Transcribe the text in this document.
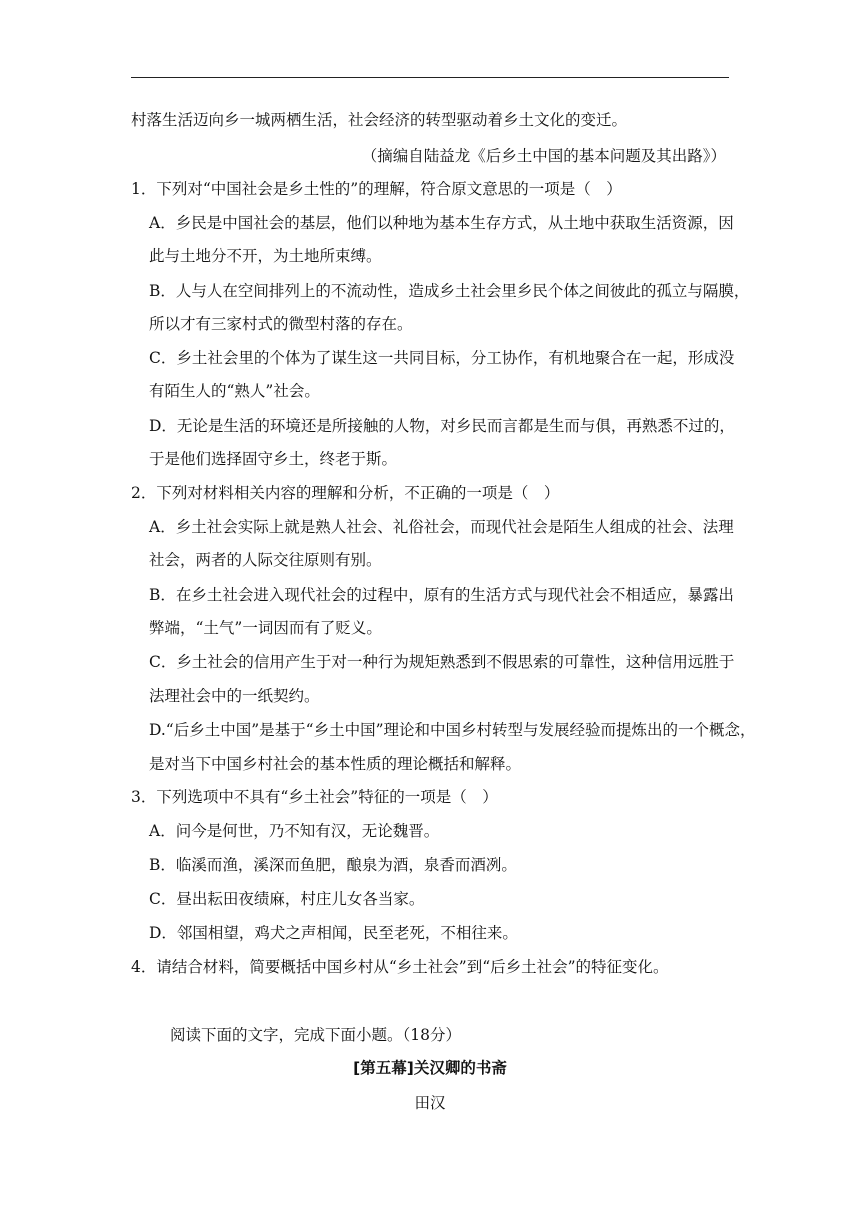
村落生活迈向乡一城两栖生活，社会经济的转型驱动着乡土文化的变迁。
（摘编自陆益龙《后乡土中国的基本问题及其出路》）
1．下列对“中国社会是乡土性的”的理解，符合原文意思的一项是（　）
A．乡民是中国社会的基层，他们以种地为基本生存方式，从土地中获取生活资源，因
此与土地分不开，为土地所束缚。
B．人与人在空间排列上的不流动性，造成乡土社会里乡民个体之间彼此的孤立与隔膜，
所以才有三家村式的微型村落的存在。
C．乡土社会里的个体为了谋生这一共同目标，分工协作，有机地聚合在一起，形成没
有陌生人的“熟人”社会。
D．无论是生活的环境还是所接触的人物，对乡民而言都是生而与俱，再熟悉不过的，
于是他们选择固守乡土，终老于斯。
2．下列对材料相关内容的理解和分析，不正确的一项是（　）
A．乡土社会实际上就是熟人社会、礼俗社会，而现代社会是陌生人组成的社会、法理
社会，两者的人际交往原则有别。
B．在乡土社会进入现代社会的过程中，原有的生活方式与现代社会不相适应，暴露出
弊端，“土气”一词因而有了贬义。
C．乡土社会的信用产生于对一种行为规矩熟悉到不假思索的可靠性，这种信用远胜于
法理社会中的一纸契约。
D.“后乡土中国”是基于“乡土中国”理论和中国乡村转型与发展经验而提炼出的一个概念，
是对当下中国乡村社会的基本性质的理论概括和解释。
3．下列选项中不具有“乡土社会”特征的一项是（　）
A．问今是何世，乃不知有汉，无论魏晋。
B．临溪而渔，溪深而鱼肥，酿泉为酒，泉香而酒冽。
C．昼出耘田夜绩麻，村庄儿女各当家。
D．邻国相望，鸡犬之声相闻，民至老死，不相往来。
4．请结合材料，简要概括中国乡村从“乡土社会”到“后乡土社会”的特征变化。
阅读下面的文字，完成下面小题。（18分）
[第五幕]关汉卿的书斋
田汉
